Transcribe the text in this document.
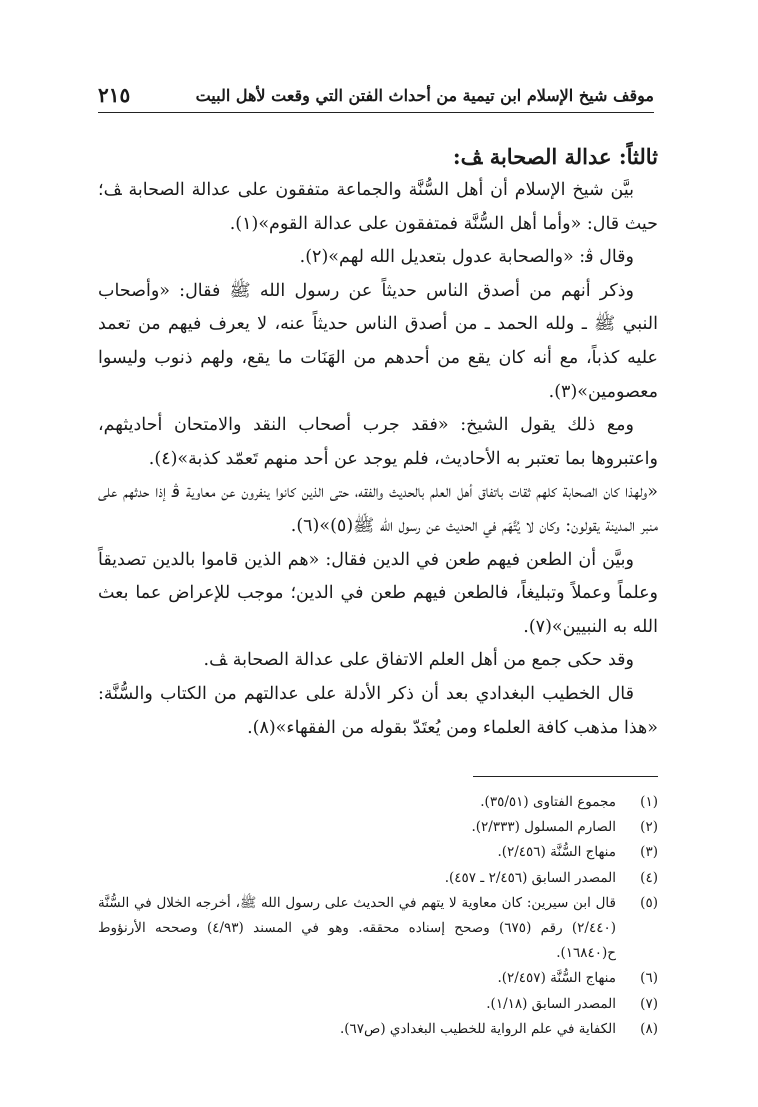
موقف شيخ الإسلام ابن تيمية من أحداث الفتن التي وقعت لأهل البيت
٢١٥
ثالثاً: عدالة الصحابة ﭫ:

بيَّن شيخ الإسلام أن أهل السُّنَّة والجماعة متفقون على عدالة الصحابة ﭫ؛ حيث قال: «وأما أهل السُّنَّة فمتفقون على عدالة القوم»(١).

وقال ﭬ: «والصحابة عدول بتعديل الله لهم»(٢).

وذكر أنهم من أصدق الناس حديثاً عن رسول الله ﷺ فقال: «وأصحاب النبي ﷺ ـ ولله الحمد ـ من أصدق الناس حديثاً عنه، لا يعرف فيهم من تعمد عليه كذباً، مع أنه كان يقع من أحدهم من الهَنَات ما يقع، ولهم ذنوب وليسوا معصومين»(٣).

ومع ذلك يقول الشيخ: «فقد جرب أصحاب النقد والامتحان أحاديثهم، واعتبروها بما تعتبر به الأحاديث، فلم يوجد عن أحد منهم تَعمّد كذبة»(٤).

«ولهذا كان الصحابة كلهم ثقات باتفاق أهل العلم بالحديث والفقه، حتى الذين كانوا ينفرون عن معاوية ﭬ إذا حدثهم على منبر المدينة يقولون: وكان لا يُتَّهَم في الحديث عن رسول الله ﷺ(٥)»(٦).

وبيَّن أن الطعن فيهم طعن في الدين فقال: «هم الذين قاموا بالدين تصديقاً وعلماً وعملاً وتبليغاً، فالطعن فيهم طعن في الدين؛ موجب للإعراض عما بعث الله به النبيين»(٧).

وقد حكى جمع من أهل العلم الاتفاق على عدالة الصحابة ﭫ.

قال الخطيب البغدادي بعد أن ذكر الأدلة على عدالتهم من الكتاب والسُّنَّة: «هذا مذهب كافة العلماء ومن يُعتَدّ بقوله من الفقهاء»(٨).

(١)
مجموع الفتاوى (٣٥/٥١).
(٢)
الصارم المسلول (٢/٣٣٣).
(٣)
منهاج السُّنَّة (٢/٤٥٦).
(٤)
المصدر السابق (٢/٤٥٦ ـ ٤٥٧).
(٥)
قال ابن سيرين: كان معاوية لا يتهم في الحديث على رسول الله ﷺ، أخرجه الخلال في السُّنَّة (٢/٤٤٠) رقم (٦٧٥) وصحح إسناده محققه. وهو في المسند (٤/٩٣) وصححه الأرنؤوط ح(١٦٨٤٠).
(٦)
منهاج السُّنَّة (٢/٤٥٧).
(٧)
المصدر السابق (١/١٨).
(٨)
الكفاية في علم الرواية للخطيب البغدادي (ص٦٧).
